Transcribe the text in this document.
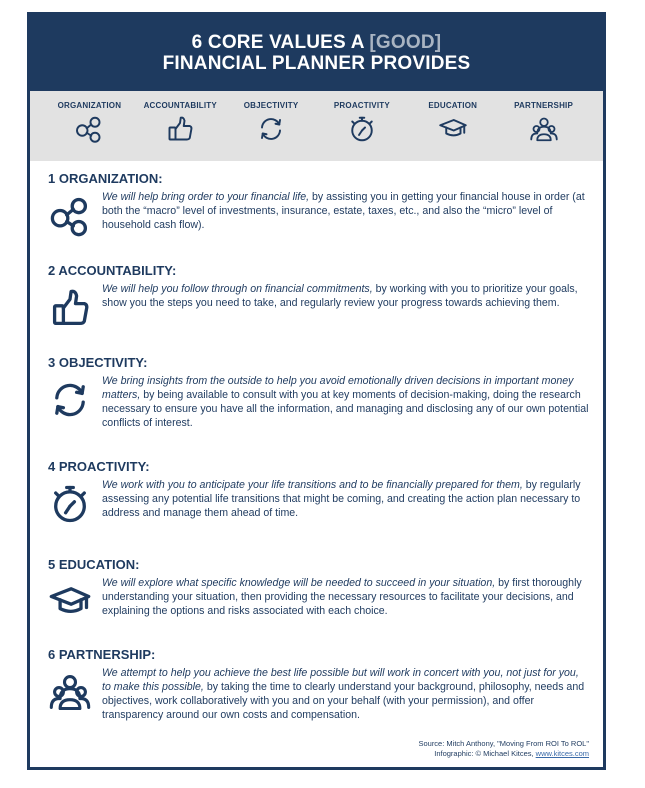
6 CORE VALUES A [GOOD]
FINANCIAL PLANNER PROVIDES
ORGANIZATION	ACCOUNTABILITY	OBJECTIVITY	PROACTIVITY	EDUCATION	PARTNERSHIP
1 ORGANIZATION:
We will help bring order to your financial life, by assisting you in getting your financial house in order (at both the “macro” level of investments, insurance, estate, taxes, etc., and also the “micro” level of household cash flow).
2 ACCOUNTABILITY:
We will help you follow through on financial commitments, by working with you to prioritize your goals, show you the steps you need to take, and regularly review your progress towards achieving them.
3 OBJECTIVITY:
We bring insights from the outside to help you avoid emotionally driven decisions in important money matters, by being available to consult with you at key moments of decision-making, doing the research necessary to ensure you have all the information, and managing and disclosing any of our own potential conflicts of interest.
4 PROACTIVITY:
We work with you to anticipate your life transitions and to be financially prepared for them, by regularly assessing any potential life transitions that might be coming, and creating the action plan necessary to address and manage them ahead of time.
5 EDUCATION:
We will explore what specific knowledge will be needed to succeed in your situation, by first thoroughly understanding your situation, then providing the necessary resources to facilitate your decisions, and explaining the options and risks associated with each choice.
6 PARTNERSHIP:
We attempt to help you achieve the best life possible but will work in concert with you, not just for you, to make this possible, by taking the time to clearly understand your background, philosophy, needs and objectives, work collaboratively with you and on your behalf (with your permission), and offer transparency around our own costs and compensation.
Source: Mitch Anthony, "Moving From ROI To ROL"
Infographic: © Michael Kitces, www.kitces.com
